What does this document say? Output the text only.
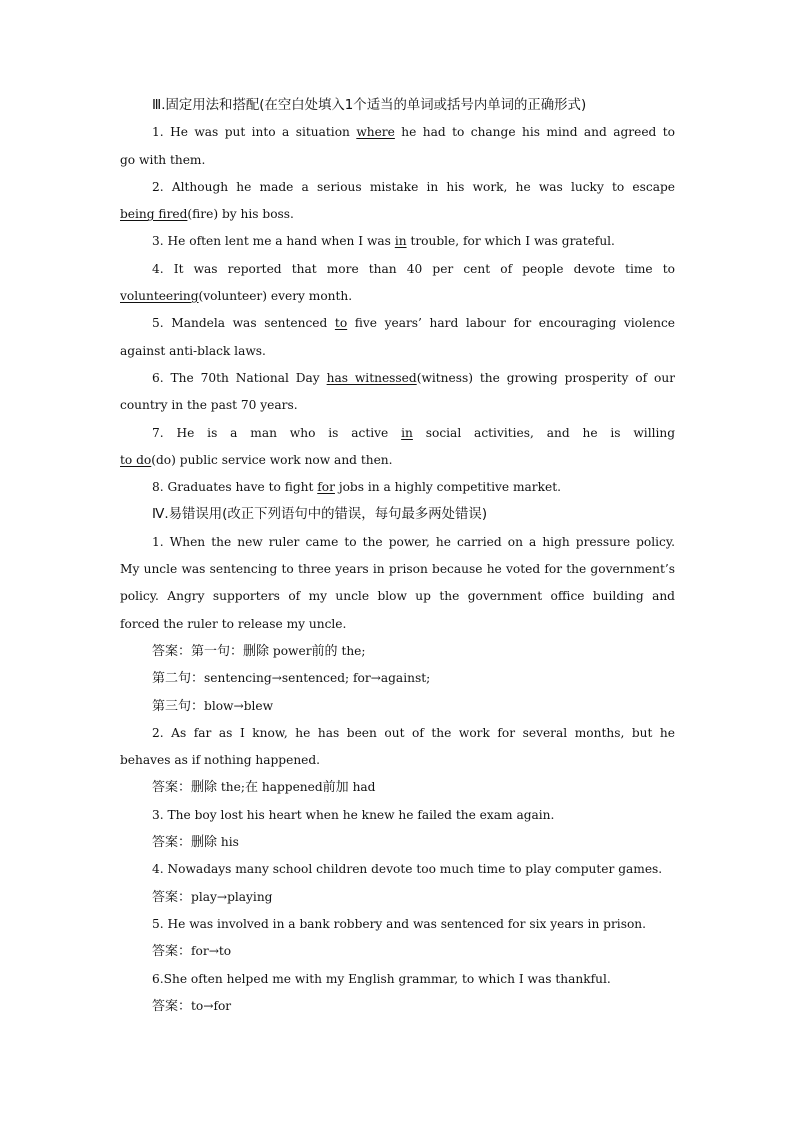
Ⅲ.固定用法和搭配(在空白处填入1个适当的单词或括号内单词的正确形式)
1. He was put into a situation where he had to change his mind and agreed to
go with them.
2. Although he made a serious mistake in his work, he was lucky to escape
being fired(fire) by his boss.
3. He often lent me a hand when I was in trouble, for which I was grateful.
4. It was reported that more than 40 per cent of people devote time to
volunteering(volunteer) every month.
5. Mandela was sentenced to five years’ hard labour for encouraging violence
against anti-black laws.
6. The 70th National Day has witnessed(witness) the growing prosperity of our
country in the past 70 years.
7. He is a man who is active in social activities, and he is willing
to do(do) public service work now and then.
8. Graduates have to fight for jobs in a highly competitive market.
Ⅳ.易错误用(改正下列语句中的错误，每句最多两处错误)
1. When the new ruler came to the power, he carried on a high pressure policy.
My uncle was sentencing to three years in prison because he voted for the government’s
policy. Angry supporters of my uncle blow up the government office building and
forced the ruler to release my uncle.
答案：第一句：删除 power前的 the;
第二句：sentencing→sentenced; for→against;
第三句：blow→blew
2. As far as I know, he has been out of the work for several months, but he
behaves as if nothing happened.
答案：删除 the;在 happened前加 had
3. The boy lost his heart when he knew he failed the exam again.
答案：删除 his
4. Nowadays many school children devote too much time to play computer games.
答案：play→playing
5. He was involved in a bank robbery and was sentenced for six years in prison.
答案：for→to
6.She often helped me with my English grammar, to which I was thankful.
答案：to→for
